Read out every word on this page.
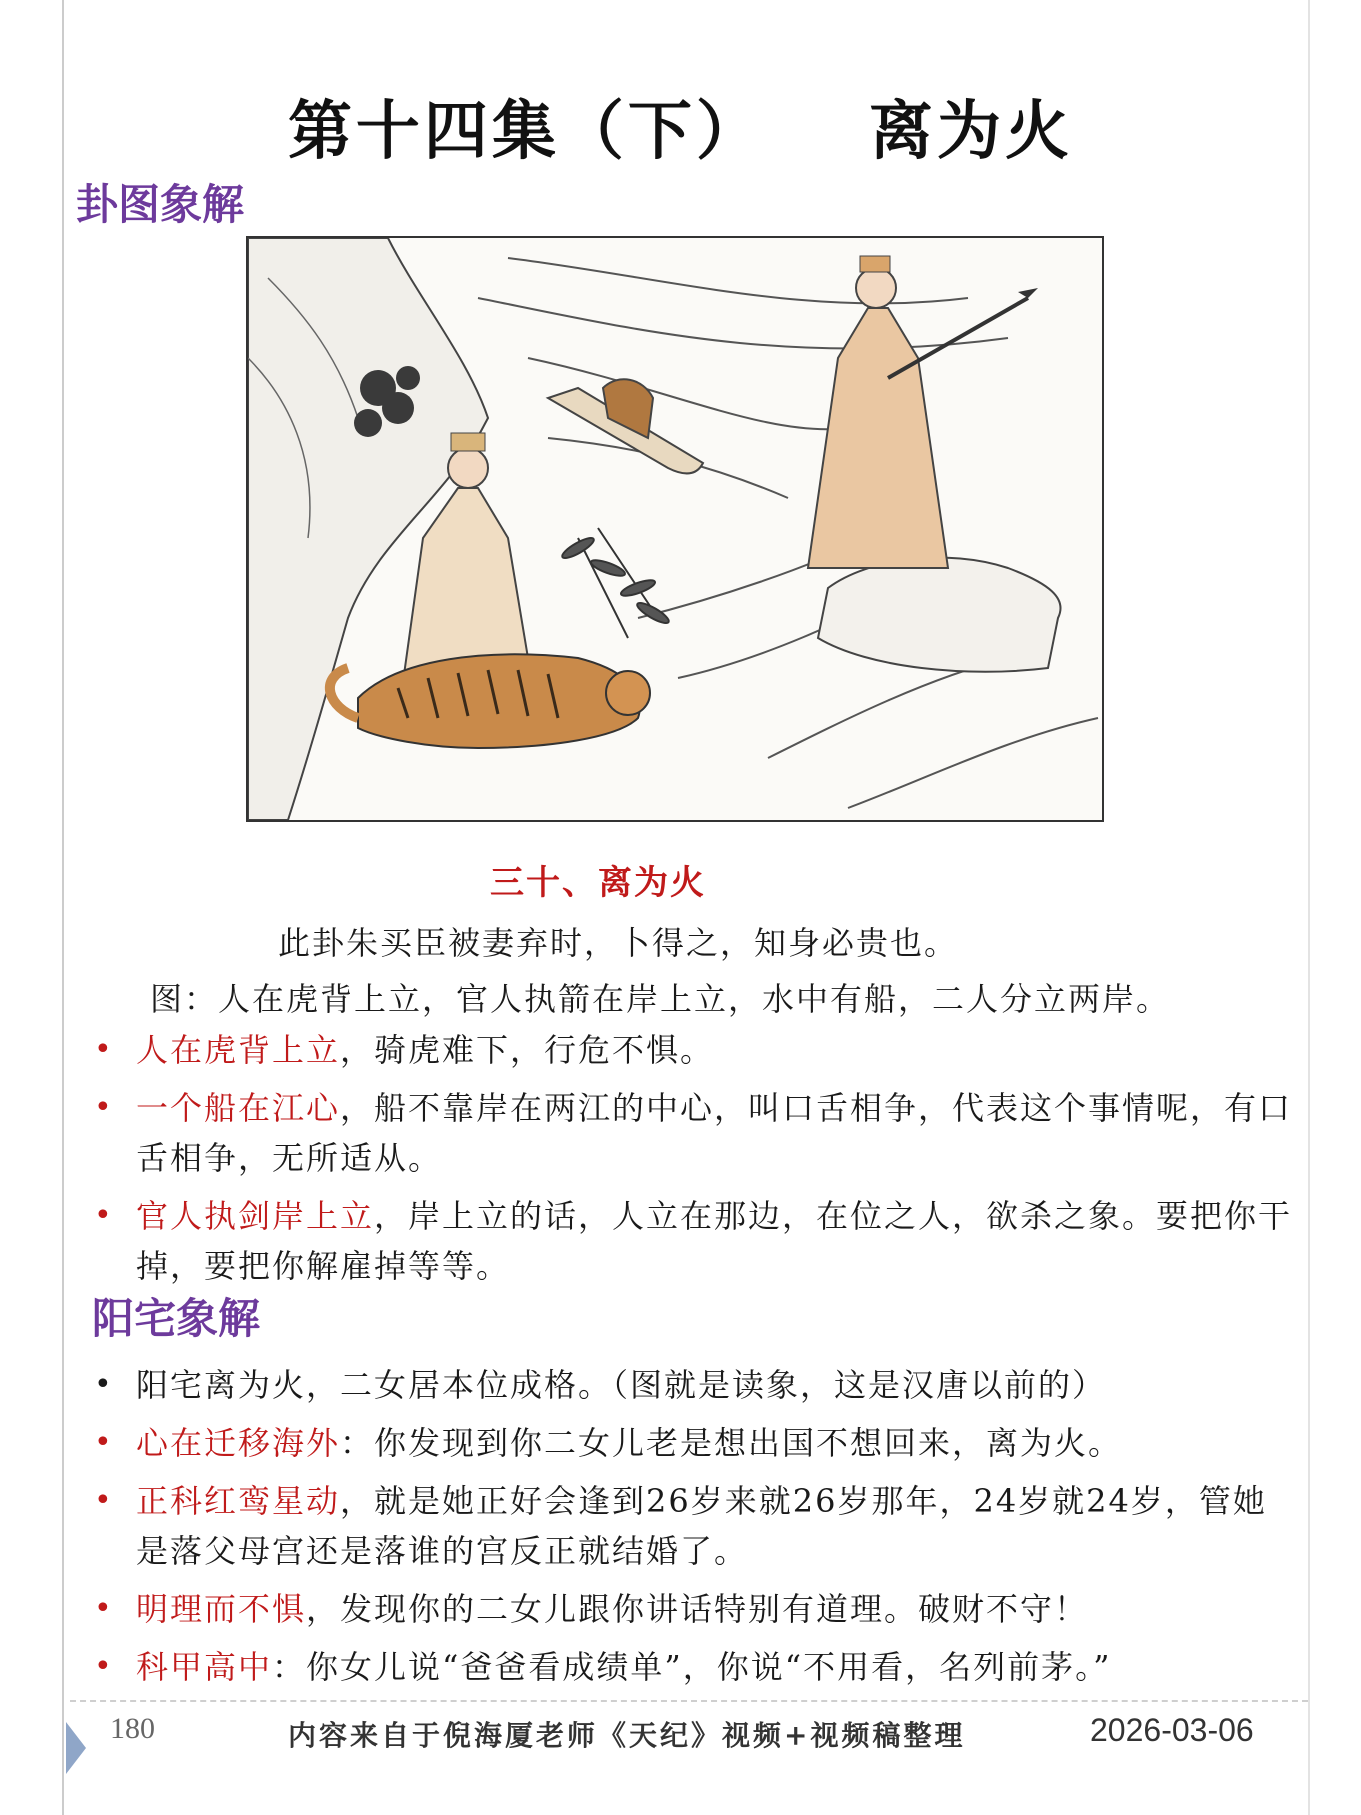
第十四集（下）    离为火
卦图象解
三十、离为火
此卦朱买臣被妻弃时，卜得之，知身必贵也。
图：人在虎背上立，官人执箭在岸上立，水中有船，二人分立两岸。
• 人在虎背上立，骑虎难下，行危不惧。
• 一个船在江心，船不靠岸在两江的中心，叫口舌相争，代表这个事情呢，有口舌相争，无所适从。
• 官人执剑岸上立，岸上立的话，人立在那边，在位之人，欲杀之象。要把你干掉，要把你解雇掉等等。
阳宅象解
• 阳宅离为火，二女居本位成格。（图就是读象，这是汉唐以前的）
• 心在迁移海外：你发现到你二女儿老是想出国不想回来，离为火。
• 正科红鸾星动，就是她正好会逢到26岁来就26岁那年，24岁就24岁，管她是落父母宫还是落谁的宫反正就结婚了。
• 明理而不惧，发现你的二女儿跟你讲话特别有道理。破财不守！
• 科甲高中：你女儿说“爸爸看成绩单”，你说“不用看，名列前茅。”
180	内容来自于倪海厦老师《天纪》视频+视频稿整理	2026-03-06
